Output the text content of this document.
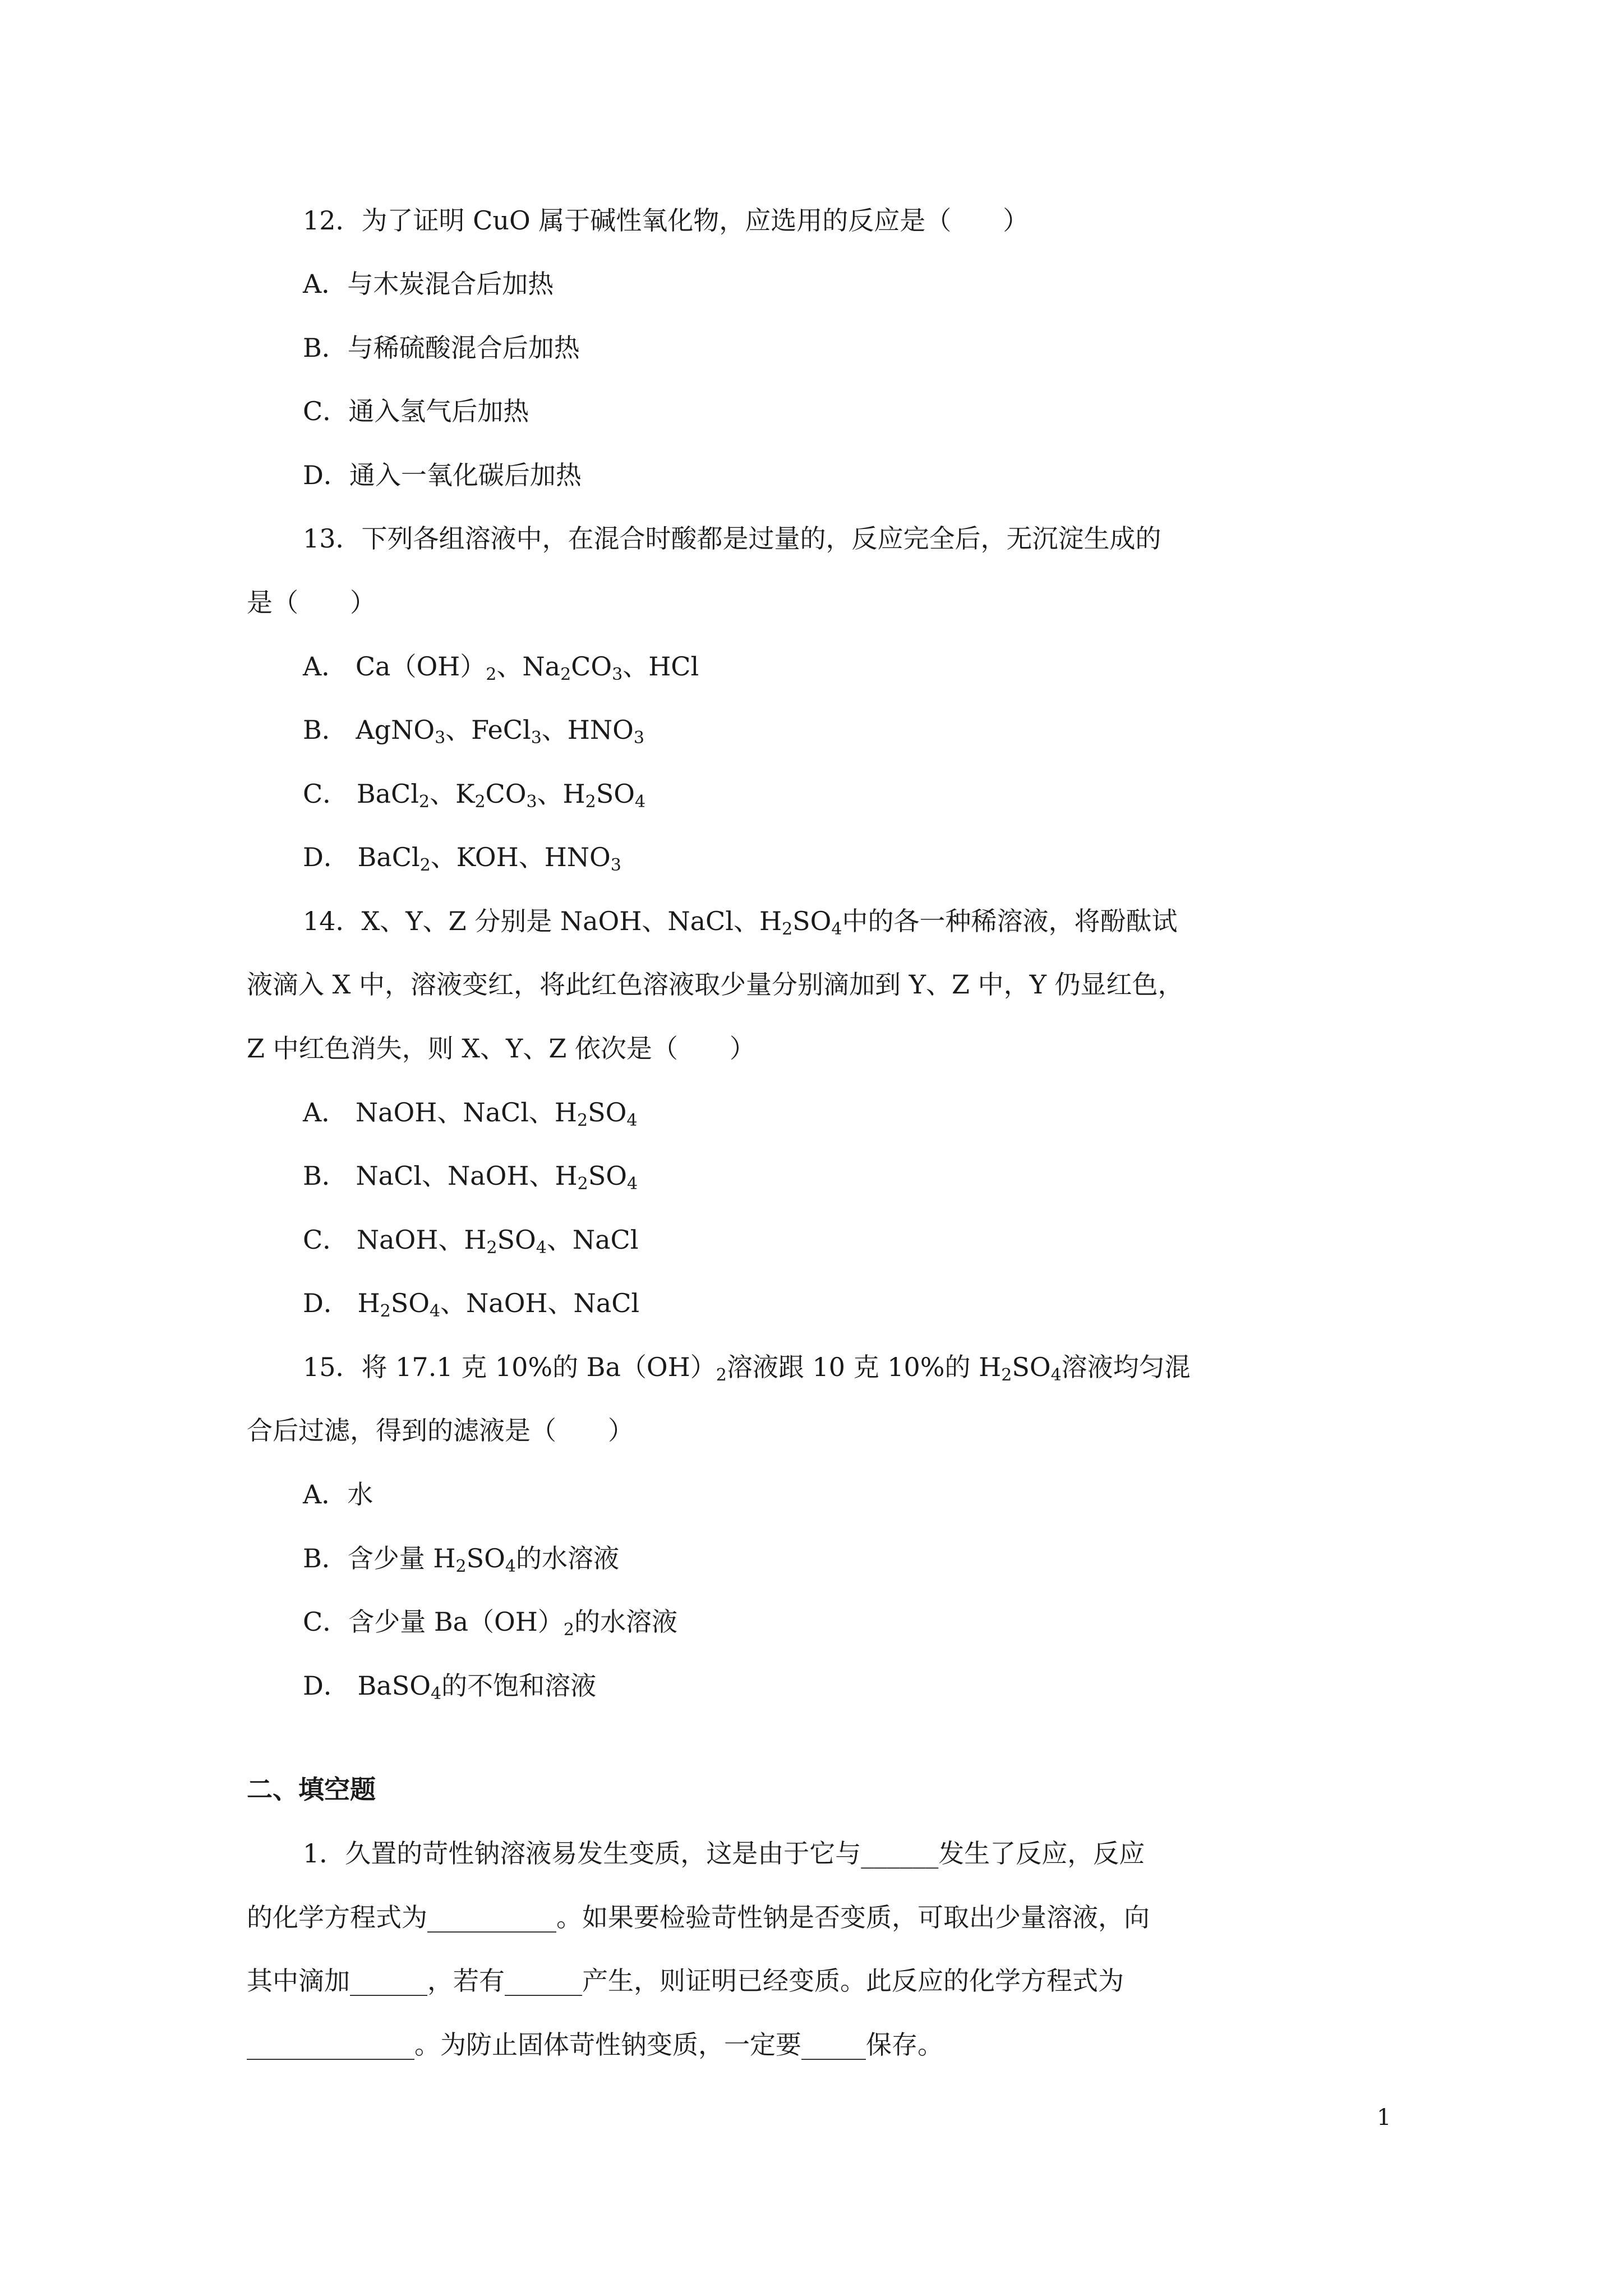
12．为了证明 CuO 属于碱性氧化物，应选用的反应是（　　）
A．与木炭混合后加热
B．与稀硫酸混合后加热
C．通入氢气后加热
D．通入一氧化碳后加热
13．下列各组溶液中，在混合时酸都是过量的，反应完全后，无沉淀生成的
是（　　）
A． $Ca(OH)_2$、$Na_2CO_3$、HCl
B． AgNO$_3$、FeCl$_3$、$HNO_3$
C． BaCl$_2$、$K_2CO_3$、$H_2SO_4$
D． BaCl$_2$、KOH、$HNO_3$
14．X、Y、Z 分别是 NaOH、NaCl、$H_2SO_4$中的各一种稀溶液，将酚酞试
液滴入 X 中，溶液变红，将此红色溶液取少量分别滴加到 Y、Z 中，Y 仍显红色，
Z 中红色消失，则 X、Y、Z 依次是（　　）
A． NaOH、NaCl、$H_2SO_4$
B． NaCl、NaOH、$H_2SO_4$
C． NaOH、$H_2SO_4$、NaCl
D． $H_2SO_4$、NaOH、NaCl
15．将 17.1 克 10%的 $Ba(OH)_2$溶液跟 10 克 10%的 $H_2SO_4$溶液均匀混
合后过滤，得到的滤液是（　　）
A．水
B．含少量 $H_2SO_4$的水溶液
C．含少量 $Ba(OH)_2$的水溶液
D． BaSO$_4$的不饱和溶液
二、填空题
1．久置的苛性钠溶液易发生变质，这是由于它与______发生了反应，反应
的化学方程式为__________。如果要检验苛性钠是否变质，可取出少量溶液，向
其中滴加______，若有______产生，则证明已经变质。此反应的化学方程式为
_____________。为防止固体苛性钠变质，一定要_____保存。
1
